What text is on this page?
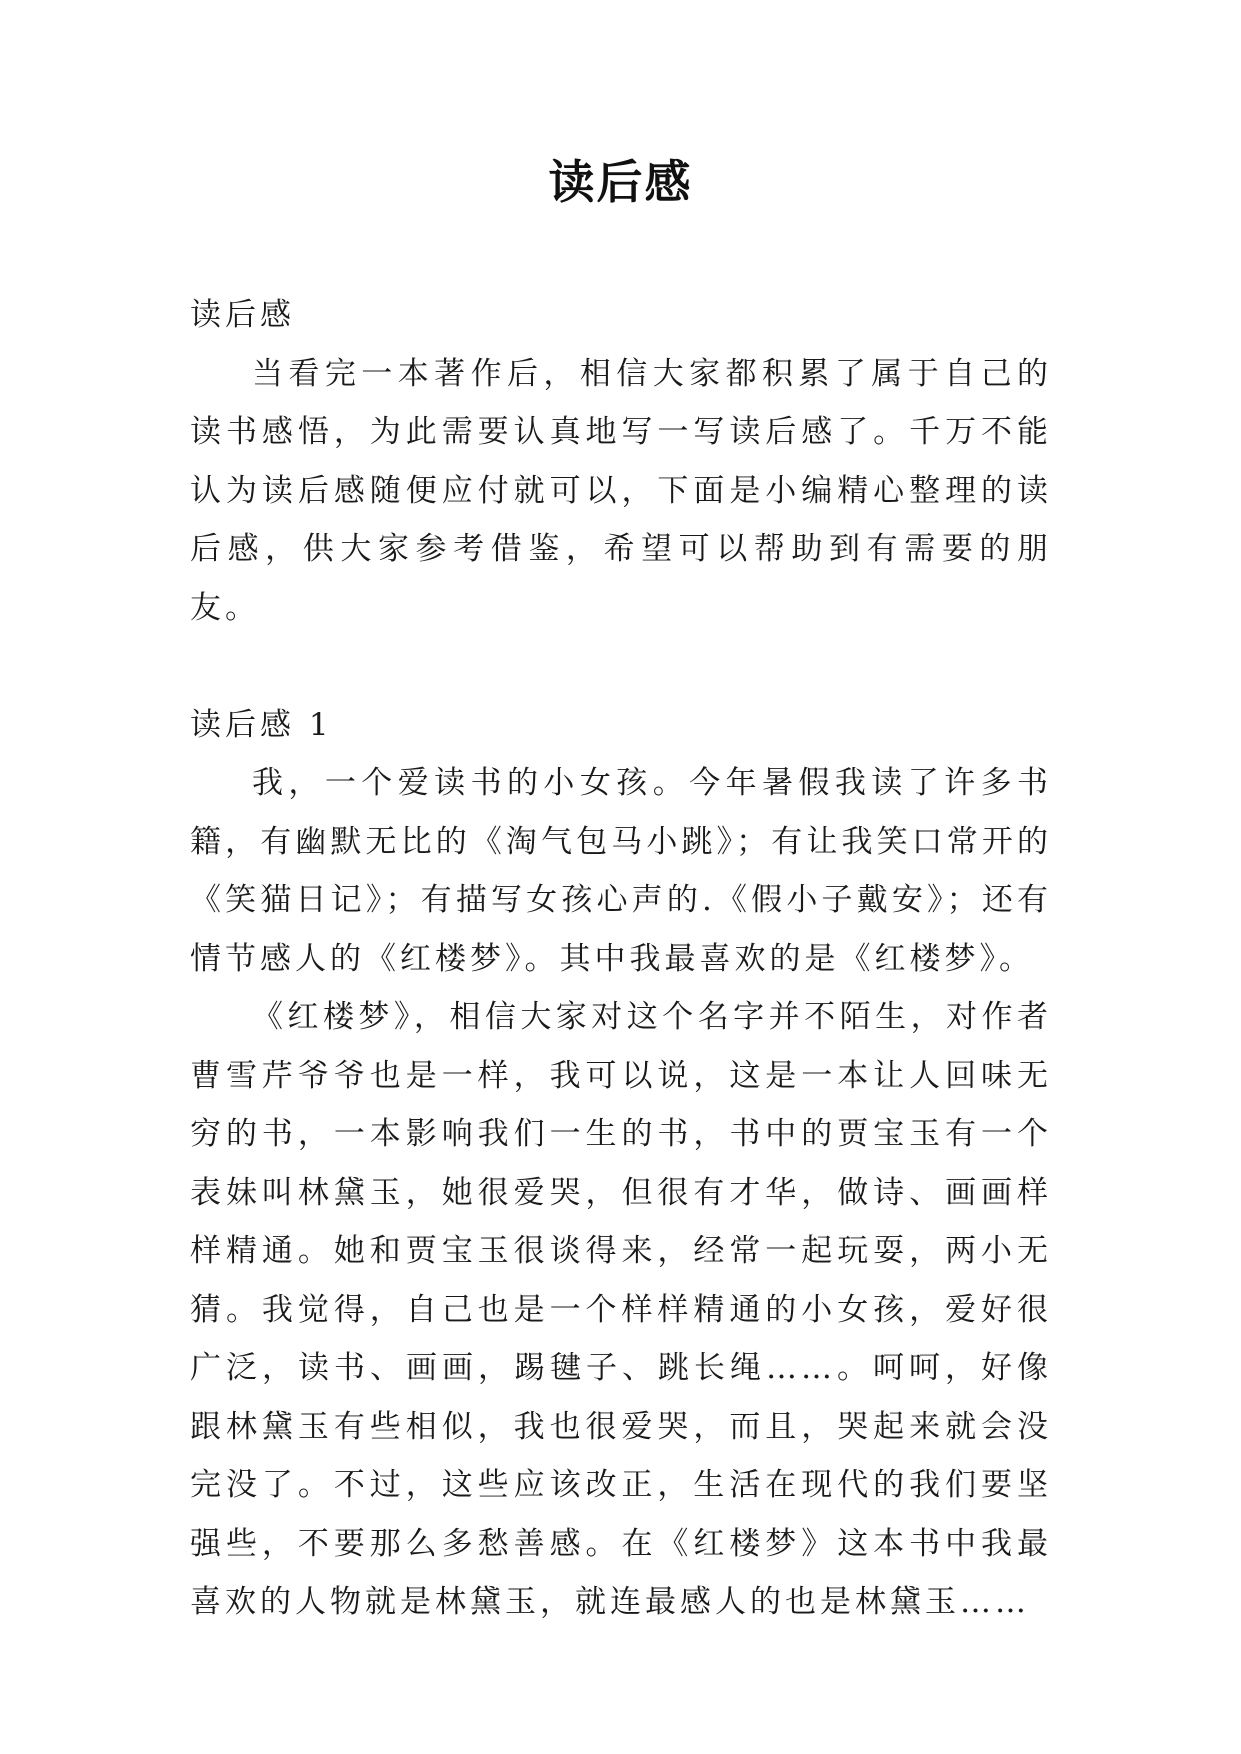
读后感

读后感

当看完一本著作后，相信大家都积累了属于自己的读书感悟，为此需要认真地写一写读后感了。千万不能认为读后感随便应付就可以，下面是小编精心整理的读后感，供大家参考借鉴，希望可以帮助到有需要的朋友。

读后感 1

我，一个爱读书的小女孩。今年暑假我读了许多书籍，有幽默无比的《淘气包马小跳》；有让我笑口常开的《笑猫日记》；有描写女孩心声的.《假小子戴安》；还有情节感人的《红楼梦》。其中我最喜欢的是《红楼梦》。

《红楼梦》，相信大家对这个名字并不陌生，对作者曹雪芹爷爷也是一样，我可以说，这是一本让人回味无穷的书，一本影响我们一生的书，书中的贾宝玉有一个表妹叫林黛玉，她很爱哭，但很有才华，做诗、画画样样精通。她和贾宝玉很谈得来，经常一起玩耍，两小无猜。我觉得，自己也是一个样样精通的小女孩，爱好很广泛，读书、画画，踢毽子、跳长绳……。呵呵，好像跟林黛玉有些相似，我也很爱哭，而且，哭起来就会没完没了。不过，这些应该改正，生活在现代的我们要坚强些，不要那么多愁善感。在《红楼梦》这本书中我最喜欢的人物就是林黛玉，就连最感人的也是林黛玉……
